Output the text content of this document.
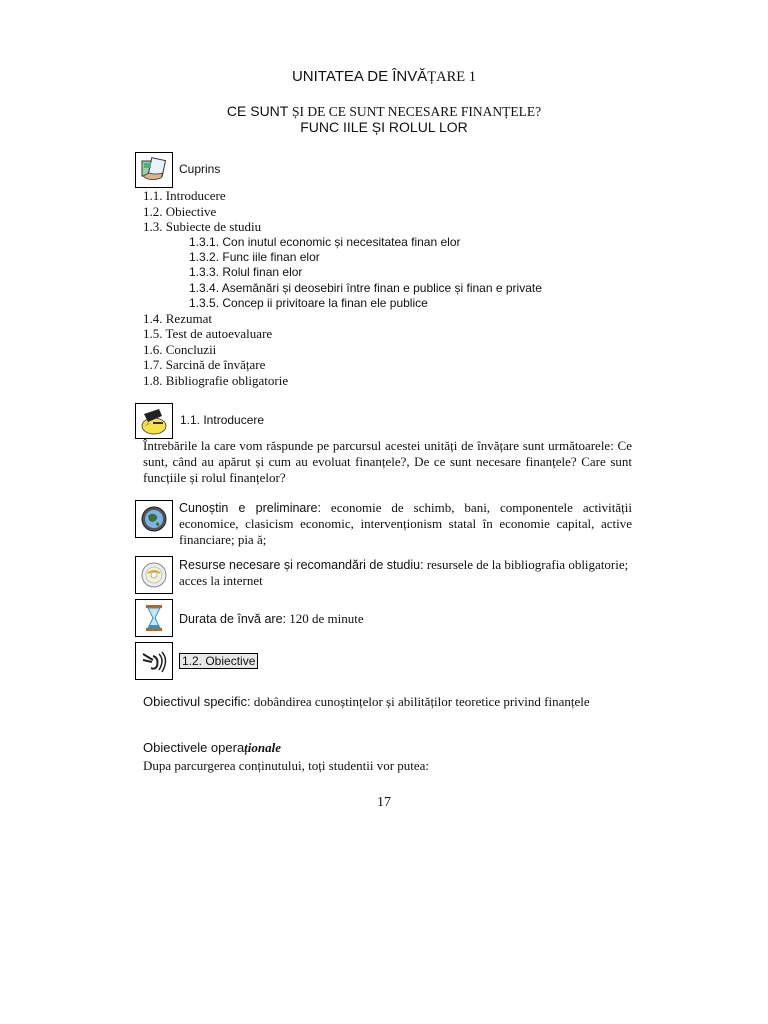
UNITATEA DE ÎNVĂȚARE 1
CE SUNT ȘI DE CE SUNT NECESARE FINANȚELE?
FUNC IILE ȘI ROLUL LOR
Cuprins
1.1. Introducere
1.2. Obiective
1.3. Subiecte de studiu
1.3.1. Con inutul economic și necesitatea finan elor
1.3.2. Func iile finan elor
1.3.3. Rolul finan elor
1.3.4. Asemănări și deosebiri între finan e publice și finan e private
1.3.5. Concep ii privitoare la finan ele publice
1.4. Rezumat
1.5. Test de autoevaluare
1.6. Concluzii
1.7. Sarcină de învățare
1.8. Bibliografie obligatorie
1.1. Introducere
Întrebările la care vom răspunde pe parcursul acestei unități de învățare sunt următoarele: Ce sunt, când au apărut și cum au evoluat finanțele?, De ce sunt necesare finanțele? Care sunt funcțiile și rolul finanțelor?
Cunoștin e preliminare: economie de schimb, bani, componentele activității economice, clasicism economic, intervenționism statal în economie capital, active financiare; pia ă;
Resurse necesare și recomandări de studiu: resursele de la bibliografia obligatorie; acces la internet
Durata de învă are: 120 de minute
1.2. Obiective
Obiectivul specific: dobândirea cunoștințelor și abilităților teoretice privind finanțele
Obiectivele operaționale
Dupa parcurgerea conținutului, toți studentii vor putea:
17
